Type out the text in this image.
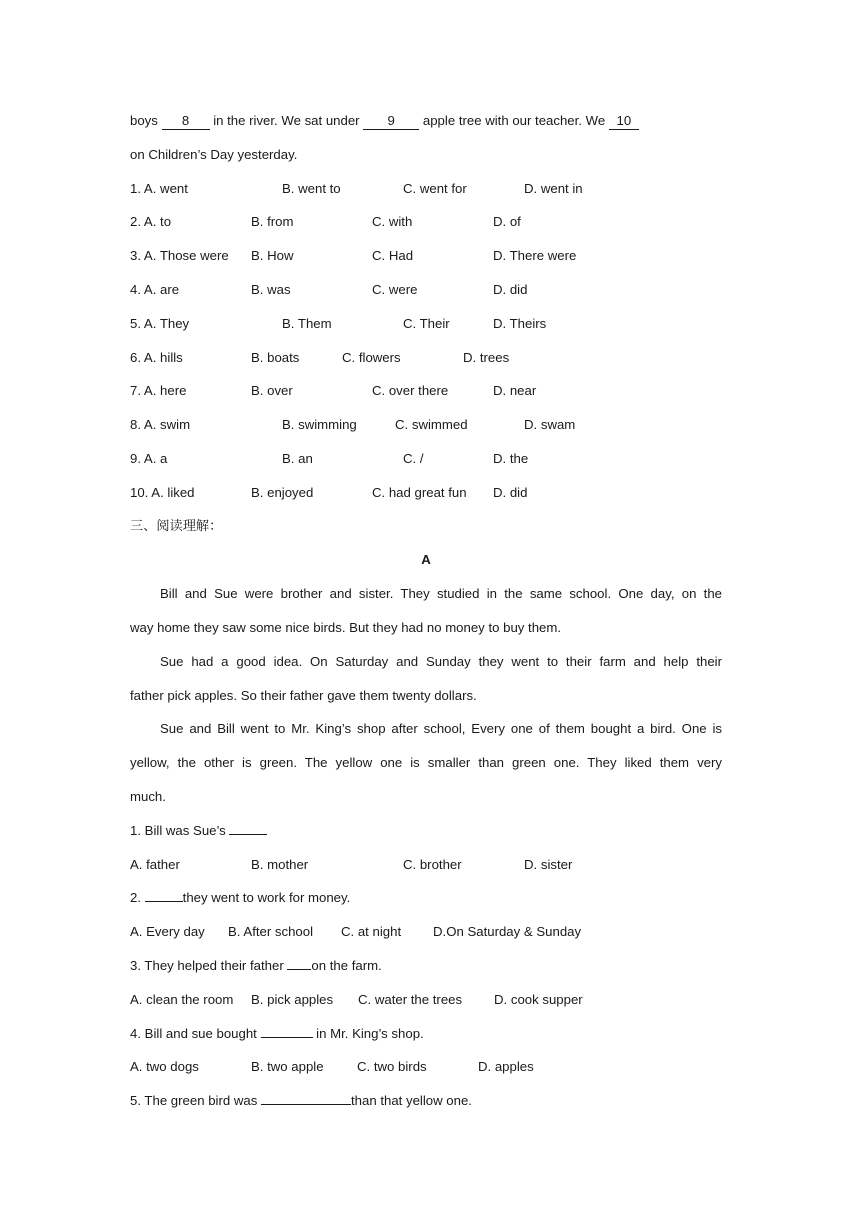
boys 8 in the river. We sat under 9 apple tree with our teacher. We 10
on Children’s Day yesterday.
1. A. went	B. went to	C. went for	D. went in
2. A. to	B. from	C. with	D. of
3. A. Those were B. How	C. Had	D. There were
4. A. are	B. was	C. were	D. did
5. A. They	B. Them	C. Their	D. Theirs
6. A. hills	B. boats	C. flowers	D. trees
7. A. here	B. over	C. over there	D. near
8. A. swim	B. swimming	C. swimmed	D. swam
9. A. a	B. an	C. /	D. the
10. A. liked	B. enjoyed	C. had great fun D. did
三、阅读理解：
A
Bill and Sue were brother and sister. They studied in the same school. One day, on the
way home they saw some nice birds. But they had no money to buy them.
Sue had a good idea. On Saturday and Sunday they went to their farm and help their
father pick apples. So their father gave them twenty dollars.
Sue and Bill went to Mr. King’s shop after school, Every one of them bought a bird. One is
yellow, the other is green. The yellow one is smaller than green one. They liked them very
much.
1. Bill was Sue’s
A. father	B. mother	C. brother	D. sister
2.	they went to work for money.
A. Every day B. After school C. at night D.On Saturday & Sunday
3. They helped their father on the farm.
A. clean the room B. pick apples C. water the trees D. cook supper
4. Bill and sue bought	in Mr. King’s shop.
A. two dogs	B. two apple	C. two birds	D. apples
5. The green bird was	than that yellow one.
